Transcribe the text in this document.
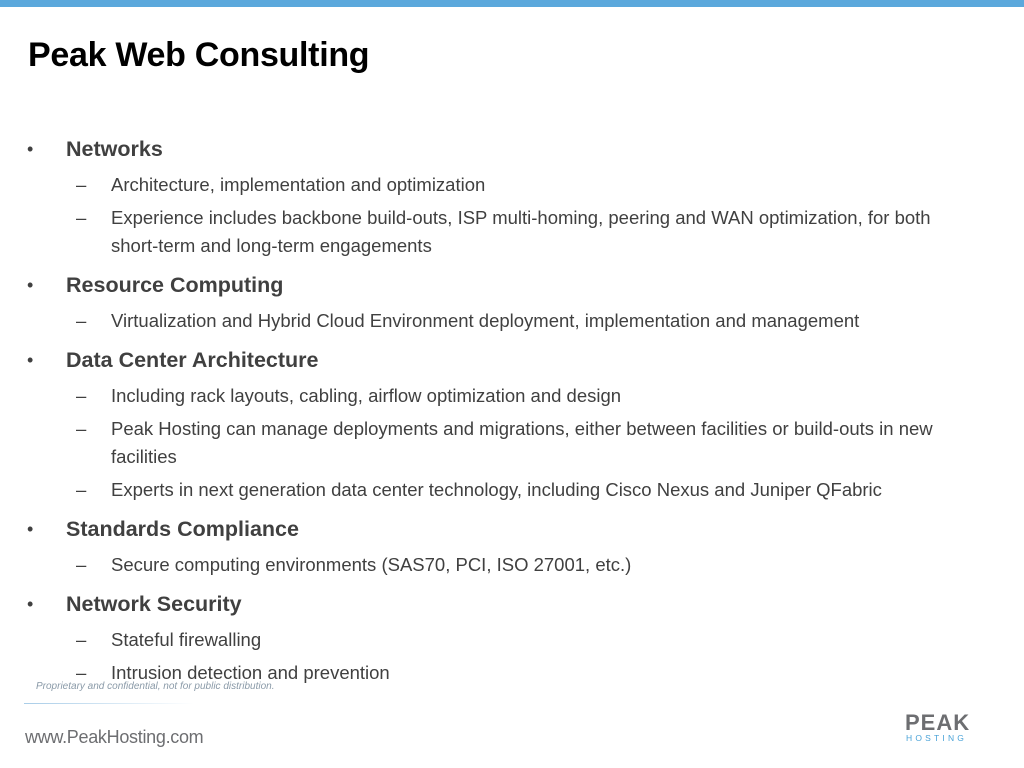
Peak Web Consulting
• Networks
– Architecture, implementation and optimization
– Experience includes backbone build-outs, ISP multi-homing, peering and WAN optimization, for both short-term and long-term engagements
• Resource Computing
– Virtualization and Hybrid Cloud Environment deployment, implementation and management
• Data Center Architecture
– Including rack layouts, cabling, airflow optimization and design
– Peak Hosting can manage deployments and migrations, either between facilities or build-outs in new facilities
– Experts in next generation data center technology, including Cisco Nexus and Juniper QFabric
• Standards Compliance
– Secure computing environments (SAS70, PCI, ISO 27001, etc.)
• Network Security
– Stateful firewalling
– Intrusion detection and prevention
Proprietary and confidential, not for public distribution.
www.PeakHosting.com
PEAK
HOSTING
